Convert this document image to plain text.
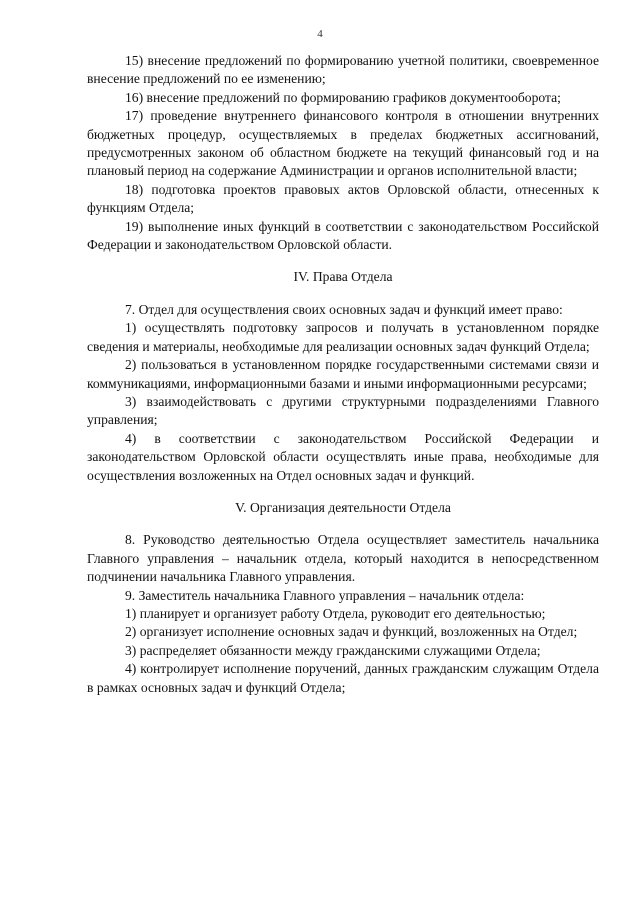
4

15) внесение предложений по формированию учетной политики, своевременное внесение предложений по ее изменению;

16) внесение предложений по формированию графиков документооборота;

17) проведение внутреннего финансового контроля в отношении внутренних бюджетных процедур, осуществляемых в пределах бюджетных ассигнований, предусмотренных законом об областном бюджете на текущий финансовый год и на плановый период на содержание Администрации и органов исполнительной власти;

18) подготовка проектов правовых актов Орловской области, отнесенных к функциям Отдела;

19) выполнение иных функций в соответствии с законодательством Российской Федерации и законодательством Орловской области.

IV. Права Отдела

7. Отдел для осуществления своих основных задач и функций имеет право:

1) осуществлять подготовку запросов и получать в установленном порядке сведения и материалы, необходимые для реализации основных задач функций Отдела;

2) пользоваться в установленном порядке государственными системами связи и коммуникациями, информационными базами и иными информационными ресурсами;

3) взаимодействовать с другими структурными подразделениями Главного управления;

4) в соответствии с законодательством Российской Федерации и законодательством Орловской области осуществлять иные права, необходимые для осуществления возложенных на Отдел основных задач и функций.

V. Организация деятельности Отдела

8. Руководство деятельностью Отдела осуществляет заместитель начальника Главного управления – начальник отдела, который находится в непосредственном подчинении начальника Главного управления.

9. Заместитель начальника Главного управления – начальник отдела:

1) планирует и организует работу Отдела, руководит его деятельностью;

2) организует исполнение основных задач и функций, возложенных на Отдел;

3) распределяет обязанности между гражданскими служащими Отдела;

4) контролирует исполнение поручений, данных гражданским служащим Отдела в рамках основных задач и функций Отдела;
